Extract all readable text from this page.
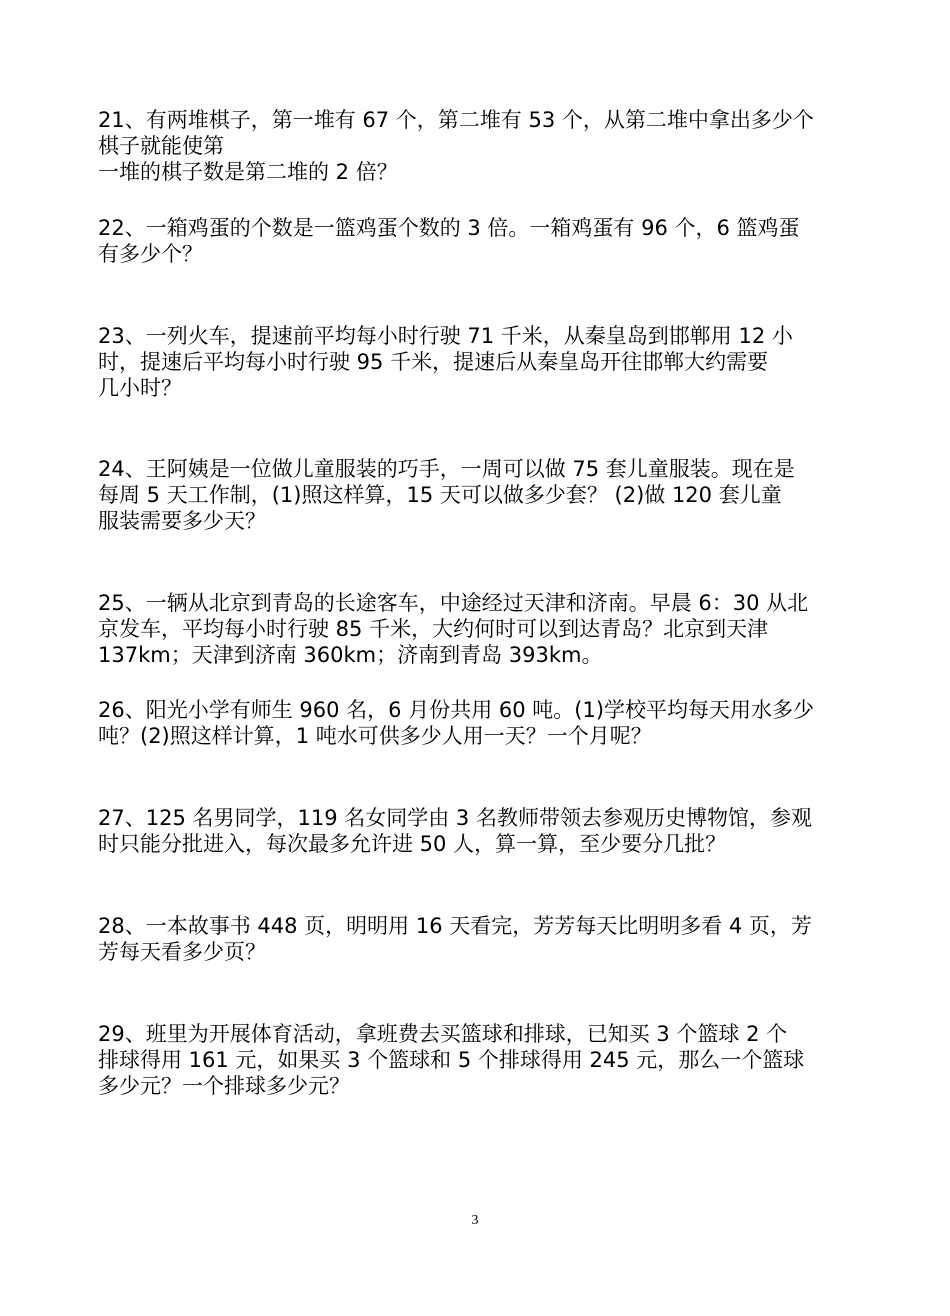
21、有两堆棋子，第一堆有 67 个，第二堆有 53 个，从第二堆中拿出多少个
棋子就能使第
一堆的棋子数是第二堆的 2 倍？
22、一箱鸡蛋的个数是一篮鸡蛋个数的 3 倍。一箱鸡蛋有 96 个，6 篮鸡蛋
有多少个？
23、一列火车，提速前平均每小时行驶 71 千米，从秦皇岛到邯郸用 12 小
时，提速后平均每小时行驶 95 千米，提速后从秦皇岛开往邯郸大约需要
几小时？
24、王阿姨是一位做儿童服装的巧手，一周可以做 75 套儿童服装。现在是
每周 5 天工作制，(1)照这样算，15 天可以做多少套？ (2)做 120 套儿童
服装需要多少天？
25、一辆从北京到青岛的长途客车，中途经过天津和济南。早晨 6：30 从北
京发车，平均每小时行驶 85 千米，大约何时可以到达青岛？北京到天津
137km；天津到济南 360km；济南到青岛 393km。
26、阳光小学有师生 960 名，6 月份共用 60 吨。(1)学校平均每天用水多少
吨？(2)照这样计算，1 吨水可供多少人用一天？一个月呢？
27、125 名男同学，119 名女同学由 3 名教师带领去参观历史博物馆，参观
时只能分批进入，每次最多允许进 50 人，算一算，至少要分几批？
28、一本故事书 448 页，明明用 16 天看完，芳芳每天比明明多看 4 页，芳
芳每天看多少页？
29、班里为开展体育活动，拿班费去买篮球和排球，已知买 3 个篮球 2 个
排球得用 161 元，如果买 3 个篮球和 5 个排球得用 245 元，那么一个篮球
多少元？一个排球多少元？
3
